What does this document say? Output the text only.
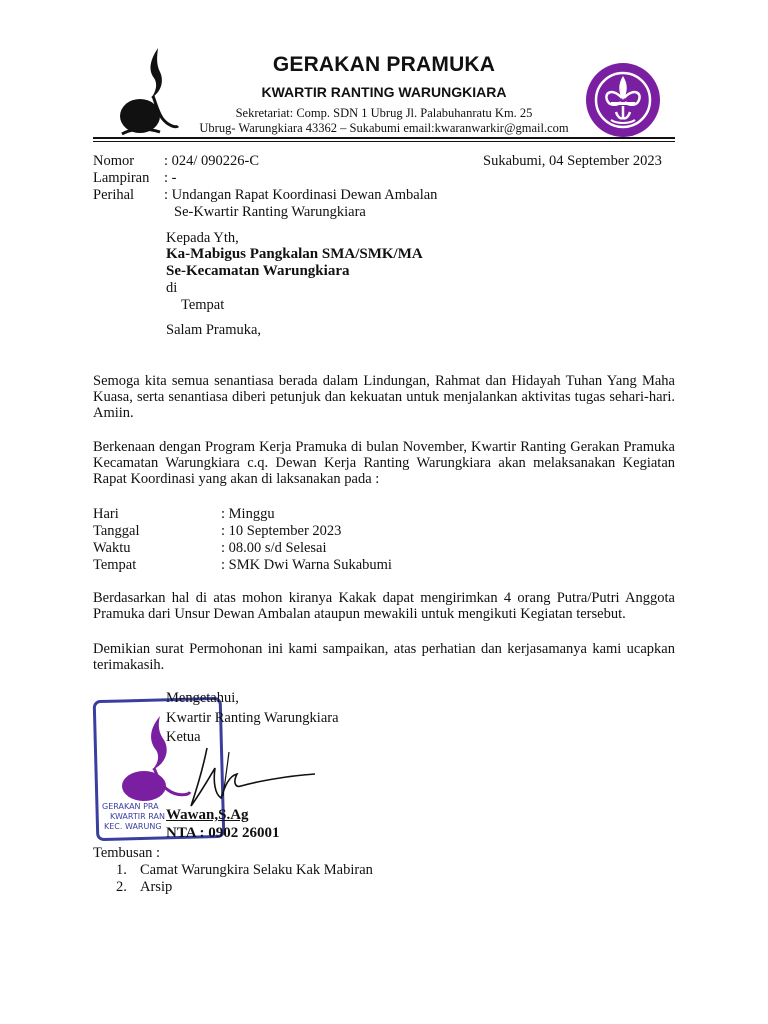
GERAKAN PRAMUKA
KWARTIR RANTING WARUNGKIARA
Sekretariat: Comp. SDN 1 Ubrug Jl. Palabuhanratu Km. 25
Ubrug- Warungkiara 43362 – Sukabumi email:kwaranwarkir@gmail.com
Nomor : 024/ 090226-C	Sukabumi, 04 September 2023
Lampiran : -
Perihal : Undangan Rapat Koordinasi Dewan Ambalan
Se-Kwartir Ranting Warungkiara
Kepada Yth,
Ka-Mabigus Pangkalan SMA/SMK/MA
Se-Kecamatan Warungkiara
di
Tempat
Salam Pramuka,
Semoga kita semua senantiasa berada dalam Lindungan, Rahmat dan Hidayah Tuhan Yang Maha Kuasa, serta senantiasa diberi petunjuk dan kekuatan untuk menjalankan aktivitas tugas sehari-hari. Amiin.
Berkenaan dengan Program Kerja Pramuka di bulan November, Kwartir Ranting Gerakan Pramuka Kecamatan Warungkiara c.q. Dewan Kerja Ranting Warungkiara akan melaksanakan Kegiatan Rapat Koordinasi yang akan di laksanakan pada :
Hari	: Minggu
Tanggal	: 10 September 2023
Waktu	: 08.00 s/d Selesai
Tempat	: SMK Dwi Warna Sukabumi
Berdasarkan hal di atas mohon kiranya Kakak dapat mengirimkan 4 orang Putra/Putri Anggota Pramuka dari Unsur Dewan Ambalan ataupun mewakili untuk mengikuti Kegiatan tersebut.
Demikian surat Permohonan ini kami sampaikan, atas perhatian dan kerjasamanya kami ucapkan terimakasih.
GERAKAN PRA
KWARTIR RAN
KEC. WARUNG
Mengetahui,
Kwartir Ranting Warungkiara
Ketua
Wawan,S.Ag
NTA : 0902 26001
Tembusan :
1. Camat Warungkira Selaku Kak Mabiran
2. Arsip
